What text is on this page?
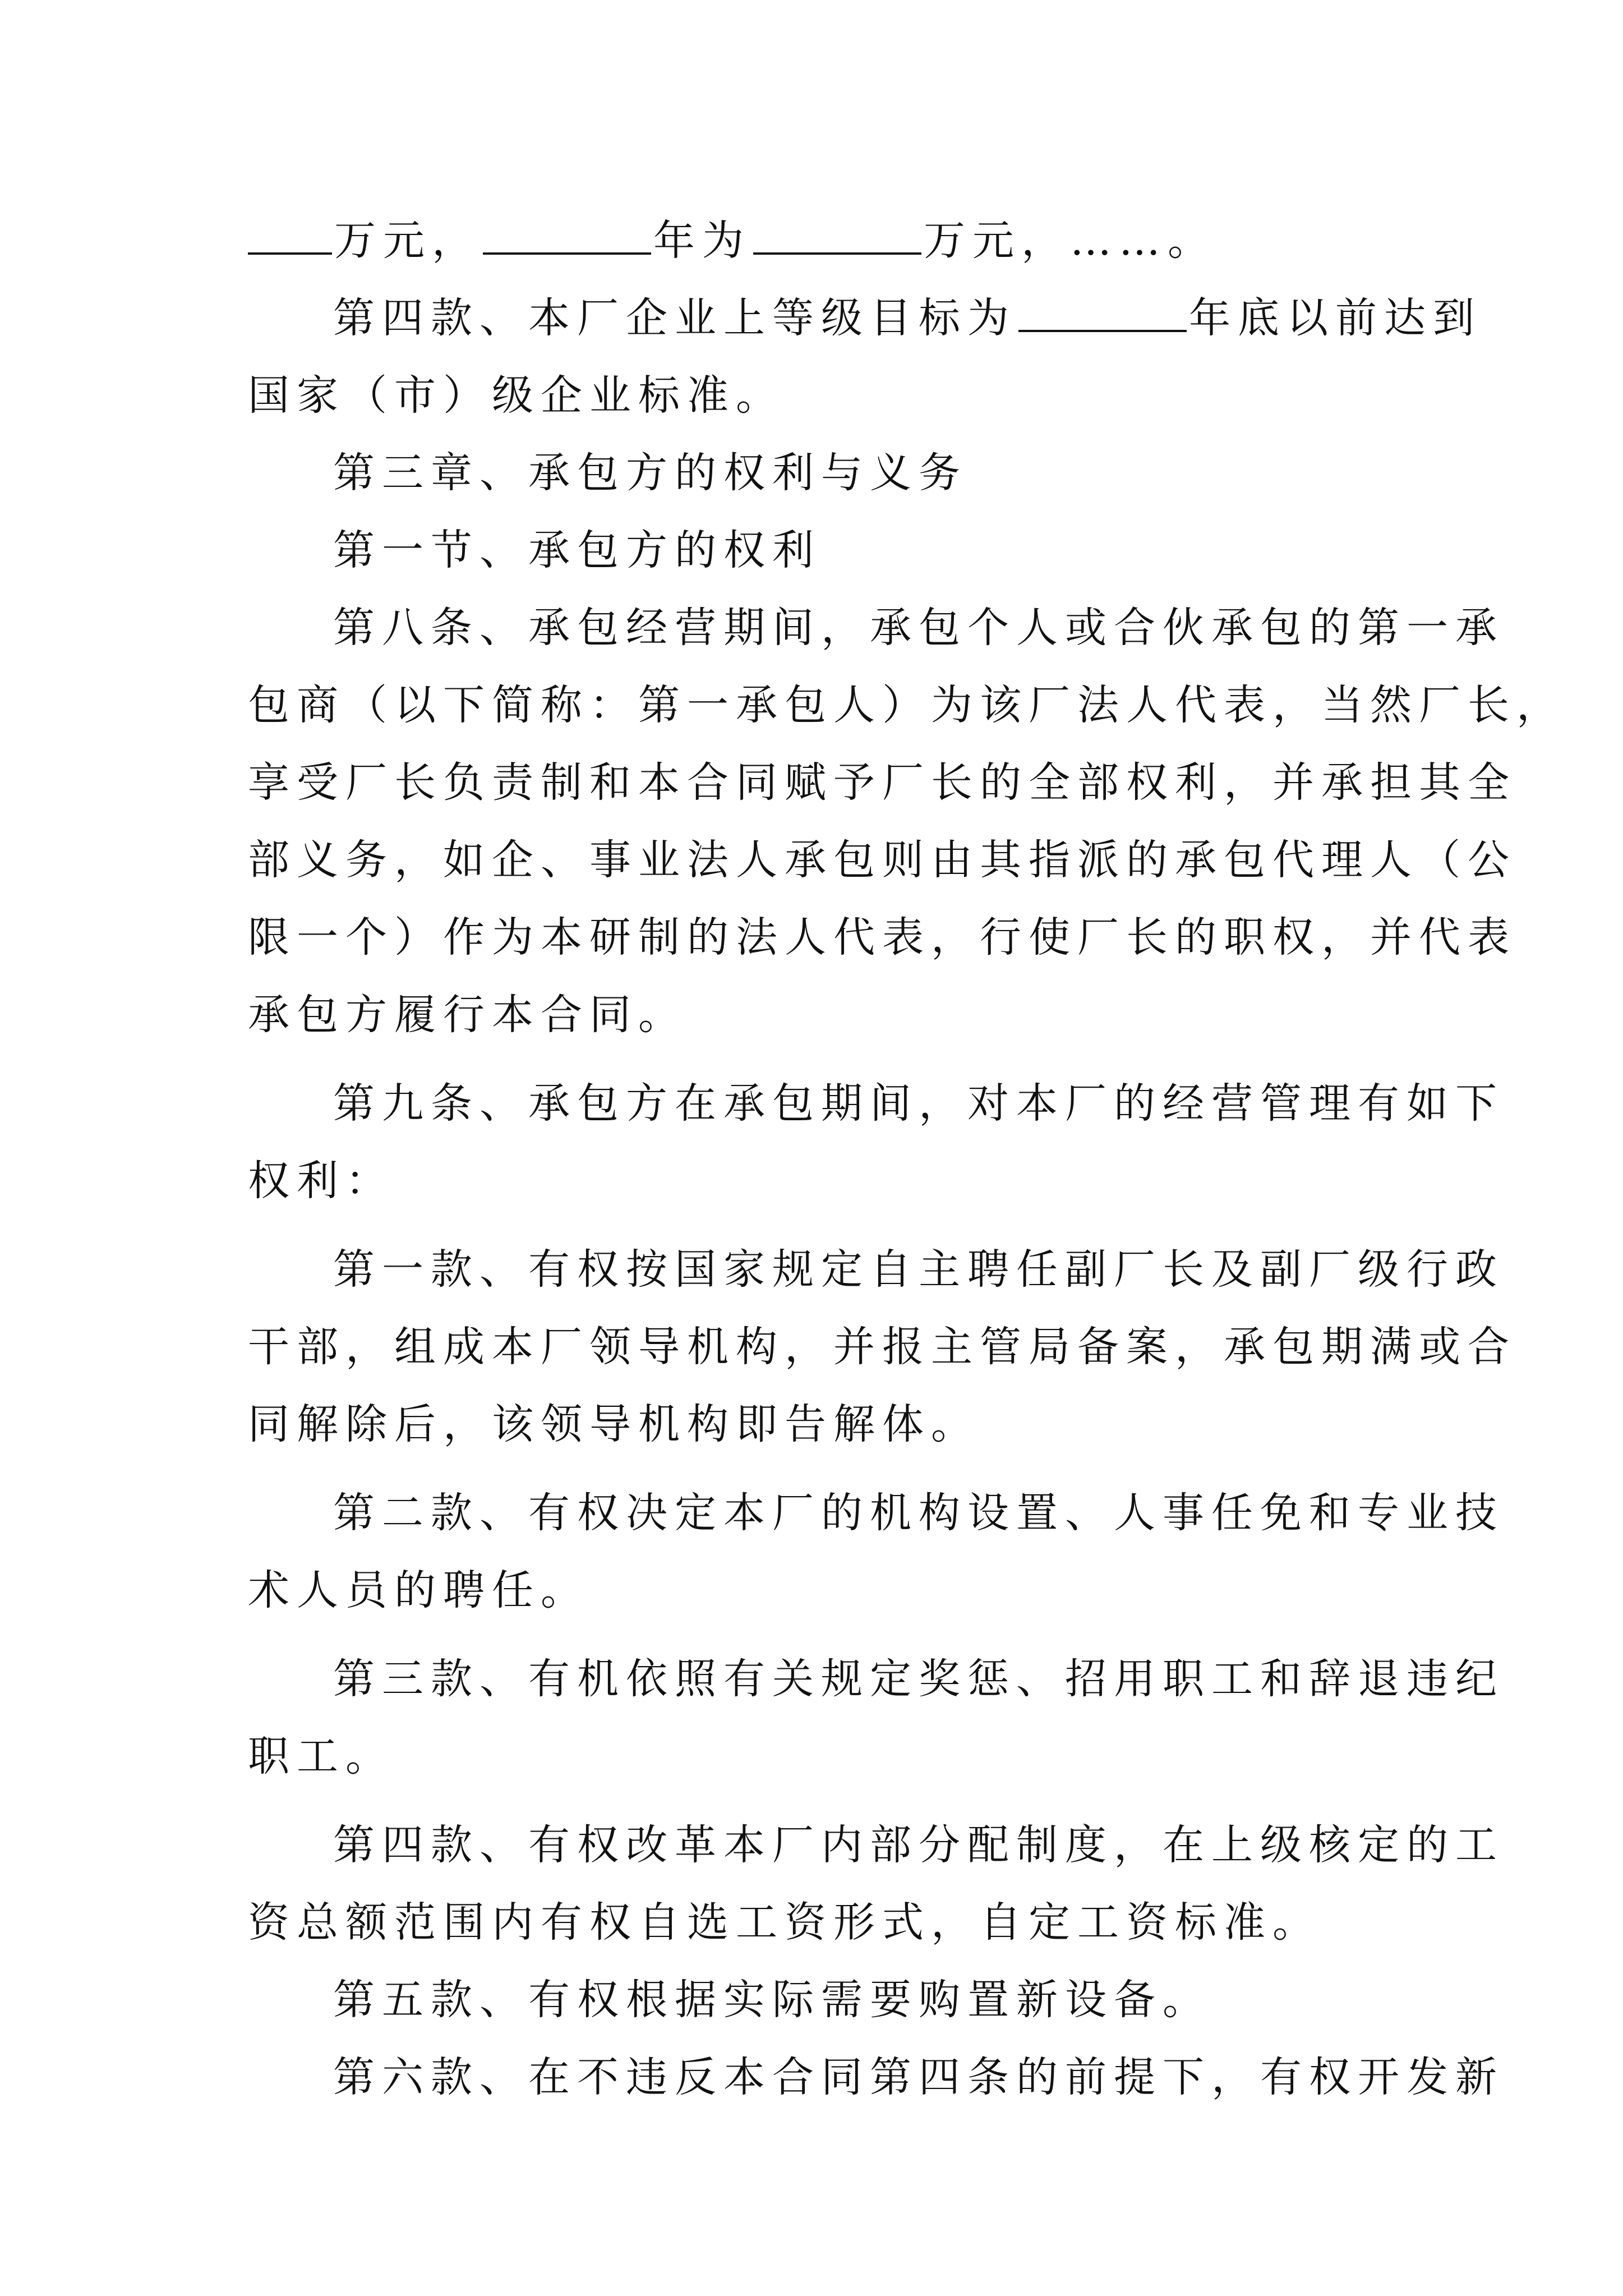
万元，	年为	万元，……。
第四款、本厂企业上等级目标为	年底以前达到
国家（市）级企业标准。
第三章、承包方的权利与义务
第一节、承包方的权利
第八条、承包经营期间，承包个人或合伙承包的第一承
包商（以下简称：第一承包人）为该厂法人代表，当然厂长，
享受厂长负责制和本合同赋予厂长的全部权利，并承担其全
部义务，如企、事业法人承包则由其指派的承包代理人（公
限一个）作为本研制的法人代表，行使厂长的职权，并代表
承包方履行本合同。
第九条、承包方在承包期间，对本厂的经营管理有如下
权利：
第一款、有权按国家规定自主聘任副厂长及副厂级行政
干部，组成本厂领导机构，并报主管局备案，承包期满或合
同解除后，该领导机构即告解体。
第二款、有权决定本厂的机构设置、人事任免和专业技
术人员的聘任。
第三款、有机依照有关规定奖惩、招用职工和辞退违纪
职工。
第四款、有权改革本厂内部分配制度，在上级核定的工
资总额范围内有权自选工资形式，自定工资标准。
第五款、有权根据实际需要购置新设备。
第六款、在不违反本合同第四条的前提下，有权开发新
